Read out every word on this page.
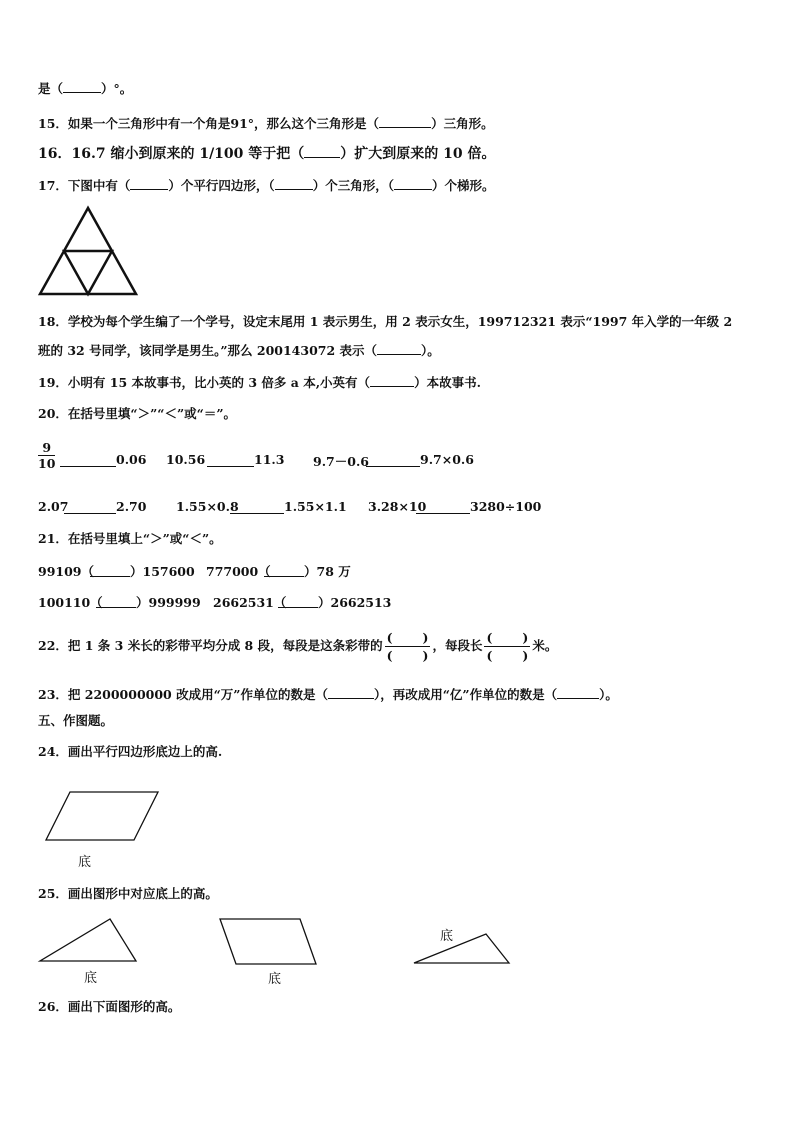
是（	）°。
15．如果一个三角形中有一个角是91°，那么这个三角形是（	）三角形。
16．16.7 缩小到原来的 1/100 等于把（	）扩大到原来的 10 倍。
17．下图中有（	）个平行四边形，（	）个三角形，（	）个梯形。
18．学校为每个学生编了一个学号，设定末尾用 1 表示男生，用 2 表示女生，199712321 表示“1997 年入学的一年级 2
班的 32 号同学，该同学是男生。”那么 200143072 表示（	）。
19．小明有 15 本故事书，比小英的 3 倍多 a 本,小英有（	）本故事书.
20．在括号里填“＞”“＜”或“＝”。
$\frac{9}{10}$	0.06 10.56	11.3 9.7－0.6	9.7×0.6
2.07	2.70 1.55×0.8	1.55×1.1 3.28×10	3280÷100
21．在括号里填上“＞”或“＜”。
99109（	）157600 777000（	）78 万
100110（	）999999 2662531（	）2662513
22．把 1 条 3 米长的彩带平均分成 8 段，每段是这条彩带的
( )
( )
，每段长
( )
( )
米。
23．把 2200000000 改成用“万”作单位的数是（	），再改成用“亿”作单位的数是（	）。
五、作图题。
24．画出平行四边形底边上的高.
底
25．画出图形中对应底上的高。
底	底
底
26．画出下面图形的高。
